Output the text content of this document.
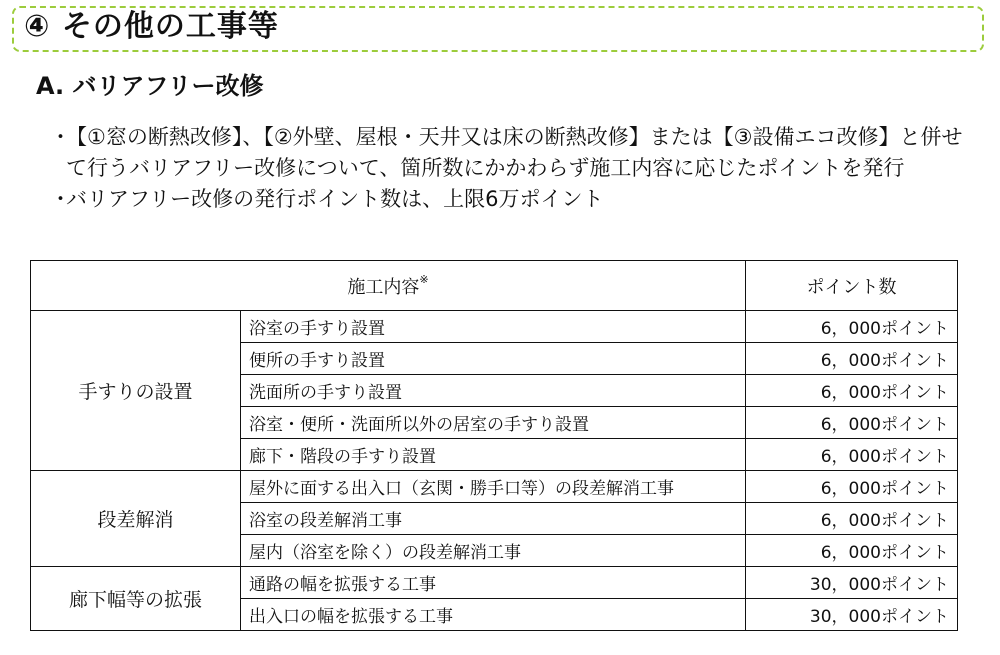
④ その他の工事等
A. バリアフリー改修
・
【①窓の断熱改修】、【②外壁、屋根・天井又は床の断熱改修】または【③設備エコ改修】と併せて行うバリアフリー改修について、箇所数にかかわらず施工内容に応じたポイントを発行
・
バリアフリー改修の発行ポイント数は、上限6万ポイント
施工内容※		ポイント数
手すりの設置	浴室の手すり設置	6，000ポイント
	便所の手すり設置	6，000ポイント
	洗面所の手すり設置	6，000ポイント
	浴室・便所・洗面所以外の居室の手すり設置	6，000ポイント
	廊下・階段の手すり設置	6，000ポイント
段差解消	屋外に面する出入口（玄関・勝手口等）の段差解消工事	6，000ポイント
	浴室の段差解消工事	6，000ポイント
	屋内（浴室を除く）の段差解消工事	6，000ポイント
廊下幅等の拡張	通路の幅を拡張する工事	30，000ポイント
	出入口の幅を拡張する工事	30，000ポイント
